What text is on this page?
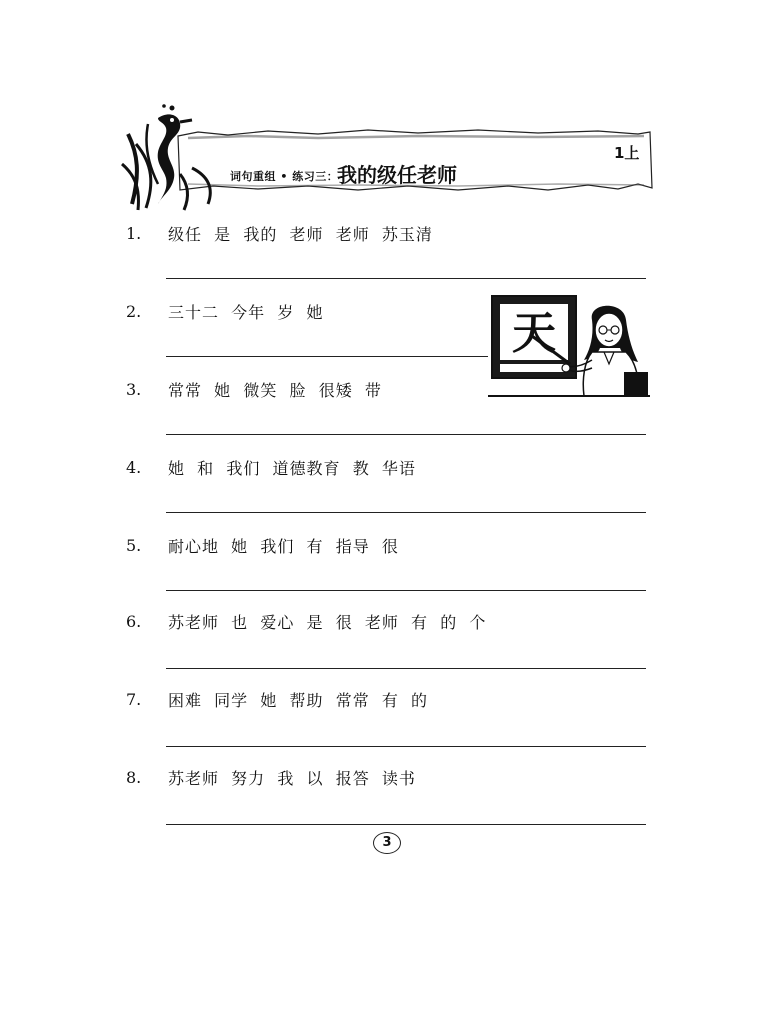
词句重组 • 练习三：
我的级任老师
1上
1. 级任  是  我的  老师  老师  苏玉清
2. 三十二  今年  岁  她
3. 常常  她  微笑  脸  很矮  带
4. 她  和  我们  道德教育  教  华语
5. 耐心地  她  我们  有  指导  很
6. 苏老师  也  爱心  是  很  老师  有  的  个
7. 困难  同学  她  帮助  常常  有  的
8. 苏老师  努力  我  以  报答  读书
天
3
